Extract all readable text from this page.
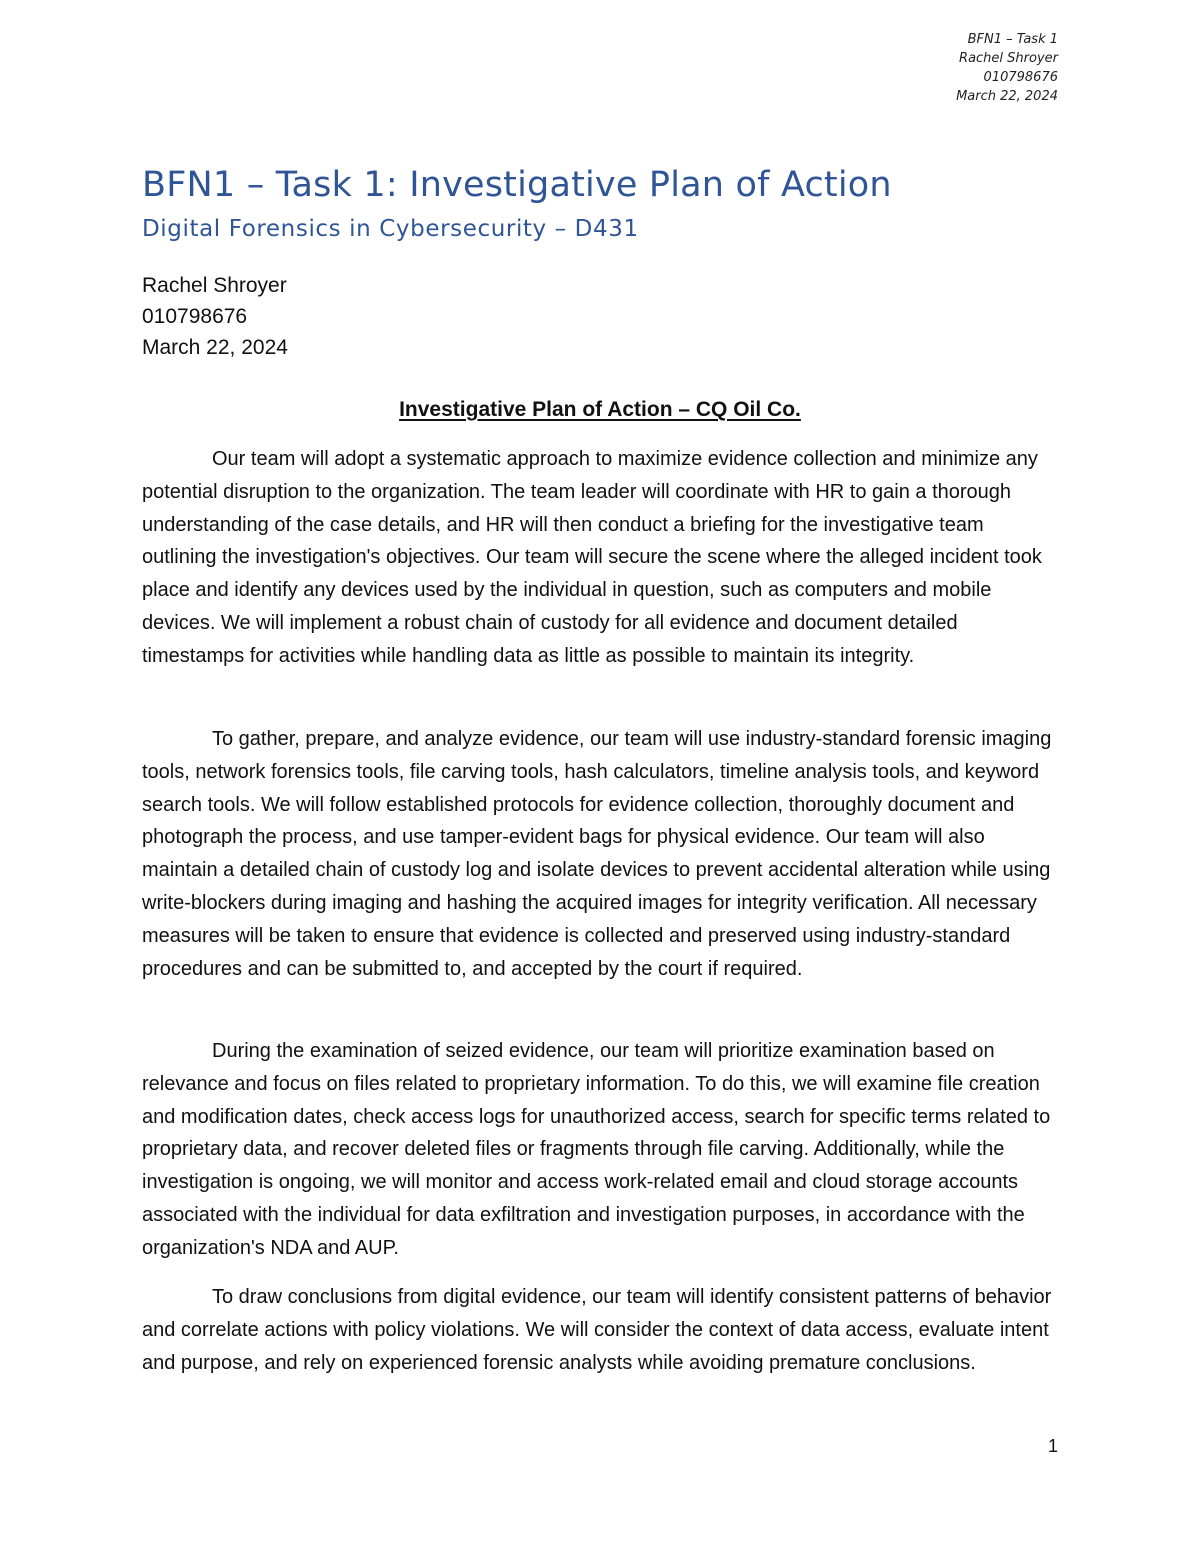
BFN1 – Task 1
Rachel Shroyer
010798676
March 22, 2024
BFN1 – Task 1: Investigative Plan of Action
Digital Forensics in Cybersecurity – D431
Rachel Shroyer
010798676
March 22, 2024
Investigative Plan of Action – CQ Oil Co.

Our team will adopt a systematic approach to maximize evidence collection and minimize any potential disruption to the organization. The team leader will coordinate with HR to gain a thorough understanding of the case details, and HR will then conduct a briefing for the investigative team outlining the investigation's objectives. Our team will secure the scene where the alleged incident took place and identify any devices used by the individual in question, such as computers and mobile devices. We will implement a robust chain of custody for all evidence and document detailed timestamps for activities while handling data as little as possible to maintain its integrity.

To gather, prepare, and analyze evidence, our team will use industry-standard forensic imaging tools, network forensics tools, file carving tools, hash calculators, timeline analysis tools, and keyword search tools. We will follow established protocols for evidence collection, thoroughly document and photograph the process, and use tamper-evident bags for physical evidence. Our team will also maintain a detailed chain of custody log and isolate devices to prevent accidental alteration while using write-blockers during imaging and hashing the acquired images for integrity verification. All necessary measures will be taken to ensure that evidence is collected and preserved using industry-standard procedures and can be submitted to, and accepted by the court if required.

During the examination of seized evidence, our team will prioritize examination based on relevance and focus on files related to proprietary information. To do this, we will examine file creation and modification dates, check access logs for unauthorized access, search for specific terms related to proprietary data, and recover deleted files or fragments through file carving. Additionally, while the investigation is ongoing, we will monitor and access work-related email and cloud storage accounts associated with the individual for data exfiltration and investigation purposes, in accordance with the organization's NDA and AUP.

To draw conclusions from digital evidence, our team will identify consistent patterns of behavior and correlate actions with policy violations. We will consider the context of data access, evaluate intent and purpose, and rely on experienced forensic analysts while avoiding premature conclusions.

1
